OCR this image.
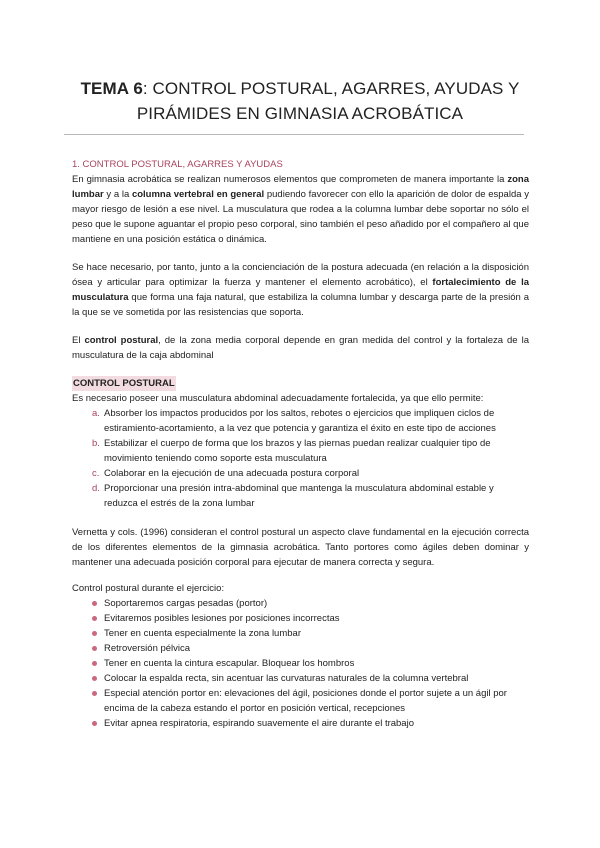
TEMA 6: CONTROL POSTURAL, AGARRES, AYUDAS Y
PIRÁMIDES EN GIMNASIA ACROBÁTICA
1. CONTROL POSTURAL, AGARRES Y AYUDAS

En gimnasia acrobática se realizan numerosos elementos que comprometen de manera importante la zona lumbar y a la columna vertebral en general pudiendo favorecer con ello la aparición de dolor de espalda y mayor riesgo de lesión a ese nivel. La musculatura que rodea a la columna lumbar debe soportar no sólo el peso que le supone aguantar el propio peso corporal, sino también el peso añadido por el compañero al que mantiene en una posición estática o dinámica.

Se hace necesario, por tanto, junto a la concienciación de la postura adecuada (en relación a la disposición ósea y articular para optimizar la fuerza y mantener el elemento acrobático), el fortalecimiento de la musculatura que forma una faja natural, que estabiliza la columna lumbar y descarga parte de la presión a la que se ve sometida por las resistencias que soporta.

El control postural, de la zona media corporal depende en gran medida del control y la fortaleza de la musculatura de la caja abdominal

CONTROL POSTURAL

Es necesario poseer una musculatura abdominal adecuadamente fortalecida, ya que ello permite:

a. Absorber los impactos producidos por los saltos, rebotes o ejercicios que impliquen ciclos de estiramiento-acortamiento, a la vez que potencia y garantiza el éxito en este tipo de acciones
b. Estabilizar el cuerpo de forma que los brazos y las piernas puedan realizar cualquier tipo de movimiento teniendo como soporte esta musculatura
c. Colaborar en la ejecución de una adecuada postura corporal
d. Proporcionar una presión intra-abdominal que mantenga la musculatura abdominal estable y reduzca el estrés de la zona lumbar

Vernetta y cols. (1996) consideran el control postural un aspecto clave fundamental en la ejecución correcta de los diferentes elementos de la gimnasia acrobática. Tanto portores como ágiles deben dominar y mantener una adecuada posición corporal para ejecutar de manera correcta y segura.

Control postural durante el ejercicio:

Soportaremos cargas pesadas (portor)
Evitaremos posibles lesiones por posiciones incorrectas
Tener en cuenta especialmente la zona lumbar
Retroversión pélvica
Tener en cuenta la cintura escapular. Bloquear los hombros
Colocar la espalda recta, sin acentuar las curvaturas naturales de la columna vertebral
Especial atención portor en: elevaciones del ágil, posiciones donde el portor sujete a un ágil por encima de la cabeza estando el portor en posición vertical, recepciones
Evitar apnea respiratoria, espirando suavemente el aire durante el trabajo
